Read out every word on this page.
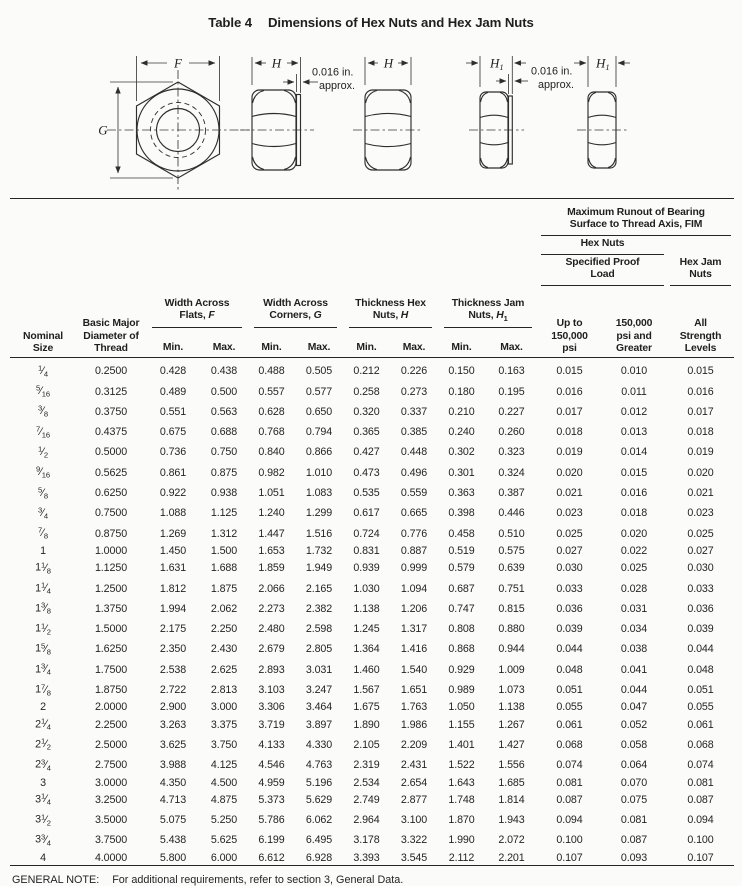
Table 4 Dimensions of Hex Nuts and Hex Jam Nuts
F
G
H
0.016 in.
approx.
H	H1	0.016 in.
approx.
H1

										Maximum Runout of Bearing
Surface to Thread Axis, FIM		

										Hex Nuts		

										Specified Proof
Load		Hex Jam
Nuts

Nominal
Size	Basic Major
Diameter of
Thread	Width Across
Flats, F		Width Across
Corners, G		Thickness Hex
Nuts, H		Thickness Jam
Nuts, $H_1$		Up to
150,000
psi	150,000
psi and
Greater	All
Strength
Levels
		Min.	Max.	Min.	Max.	Min.	Max.	Min.	Max.			
$^1⁄_4$	0.2500	0.428	0.438	0.488	0.505	0.212	0.226	0.150	0.163	0.015	0.010	0.015
$^5⁄_{16}$	0.3125	0.489	0.500	0.557	0.577	0.258	0.273	0.180	0.195	0.016	0.011	0.016
$^3⁄_8$	0.3750	0.551	0.563	0.628	0.650	0.320	0.337	0.210	0.227	0.017	0.012	0.017
$^7⁄_{16}$	0.4375	0.675	0.688	0.768	0.794	0.365	0.385	0.240	0.260	0.018	0.013	0.018
$^1⁄_2$	0.5000	0.736	0.750	0.840	0.866	0.427	0.448	0.302	0.323	0.019	0.014	0.019
$^9⁄_{16}$	0.5625	0.861	0.875	0.982	1.010	0.473	0.496	0.301	0.324	0.020	0.015	0.020
$^5⁄_8$	0.6250	0.922	0.938	1.051	1.083	0.535	0.559	0.363	0.387	0.021	0.016	0.021
$^3⁄_4$	0.7500	1.088	1.125	1.240	1.299	0.617	0.665	0.398	0.446	0.023	0.018	0.023
$^7⁄_8$	0.8750	1.269	1.312	1.447	1.516	0.724	0.776	0.458	0.510	0.025	0.020	0.025
1	1.0000	1.450	1.500	1.653	1.732	0.831	0.887	0.519	0.575	0.027	0.022	0.027
$1^1⁄_8$	1.1250	1.631	1.688	1.859	1.949	0.939	0.999	0.579	0.639	0.030	0.025	0.030
$1^1⁄_4$	1.2500	1.812	1.875	2.066	2.165	1.030	1.094	0.687	0.751	0.033	0.028	0.033
$1^3⁄_8$	1.3750	1.994	2.062	2.273	2.382	1.138	1.206	0.747	0.815	0.036	0.031	0.036
$1^1⁄_2$	1.5000	2.175	2.250	2.480	2.598	1.245	1.317	0.808	0.880	0.039	0.034	0.039
$1^5⁄_8$	1.6250	2.350	2.430	2.679	2.805	1.364	1.416	0.868	0.944	0.044	0.038	0.044
$1^3⁄_4$	1.7500	2.538	2.625	2.893	3.031	1.460	1.540	0.929	1.009	0.048	0.041	0.048
$1^7⁄_8$	1.8750	2.722	2.813	3.103	3.247	1.567	1.651	0.989	1.073	0.051	0.044	0.051
2	2.0000	2.900	3.000	3.306	3.464	1.675	1.763	1.050	1.138	0.055	0.047	0.055
$2^1⁄_4$	2.2500	3.263	3.375	3.719	3.897	1.890	1.986	1.155	1.267	0.061	0.052	0.061
$2^1⁄_2$	2.5000	3.625	3.750	4.133	4.330	2.105	2.209	1.401	1.427	0.068	0.058	0.068
$2^3⁄_4$	2.7500	3.988	4.125	4.546	4.763	2.319	2.431	1.522	1.556	0.074	0.064	0.074
3	3.0000	4.350	4.500	4.959	5.196	2.534	2.654	1.643	1.685	0.081	0.070	0.081
$3^1⁄_4$	3.2500	4.713	4.875	5.373	5.629	2.749	2.877	1.748	1.814	0.087	0.075	0.087
$3^1⁄_2$	3.5000	5.075	5.250	5.786	6.062	2.964	3.100	1.870	1.943	0.094	0.081	0.094
$3^3⁄_4$	3.7500	5.438	5.625	6.199	6.495	3.178	3.322	1.990	2.072	0.100	0.087	0.100
4	4.0000	5.800	6.000	6.612	6.928	3.393	3.545	2.112	2.201	0.107	0.093	0.107
GENERAL NOTE: For additional requirements, refer to section 3, General Data.
